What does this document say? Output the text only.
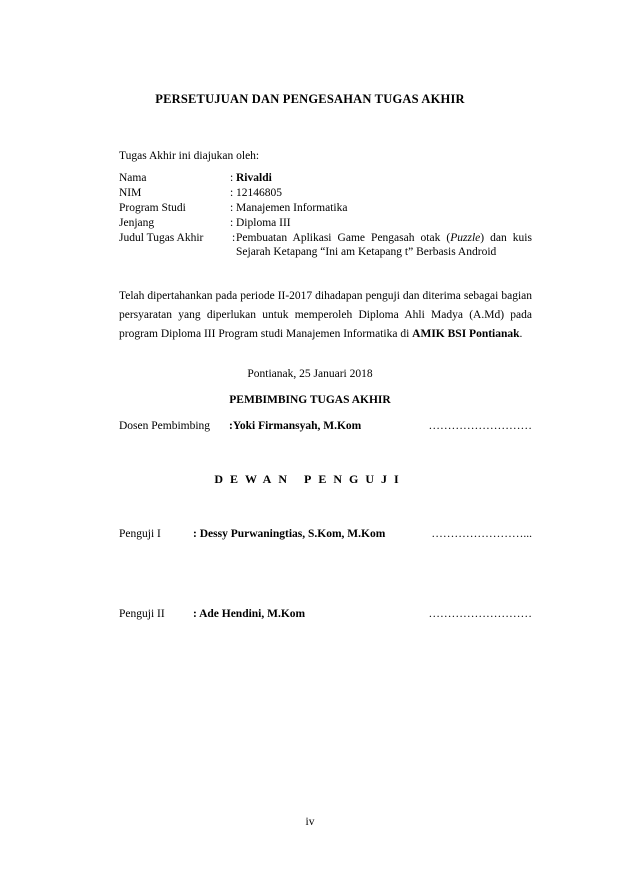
PERSETUJUAN DAN PENGESAHAN TUGAS AKHIR
Tugas Akhir ini diajukan oleh:
Nama	: Rivaldi
NIM	: 12146805
Program Studi	: Manajemen Informatika
Jenjang	: Diploma III
Judul Tugas Akhir : Pembuatan Aplikasi Game Pengasah otak (Puzzle) dan kuis Sejarah Ketapang “Ini am Ketapang t” Berbasis Android
Telah dipertahankan pada periode II-2017 dihadapan penguji dan diterima sebagai bagian persyaratan yang diperlukan untuk memperoleh Diploma Ahli Madya (A.Md) pada program Diploma III Program studi Manajemen Informatika di AMIK BSI Pontianak.
Pontianak, 25 Januari 2018
PEMBIMBING TUGAS AKHIR
Dosen Pembimbing :Yoki Firmansyah, M.Kom	………………………
DEWAN PENGUJI
Penguji I	: Dessy Purwaningtias, S.Kom, M.Kom	……………………...
Penguji II : Ade Hendini, M.Kom	………………………
iv
